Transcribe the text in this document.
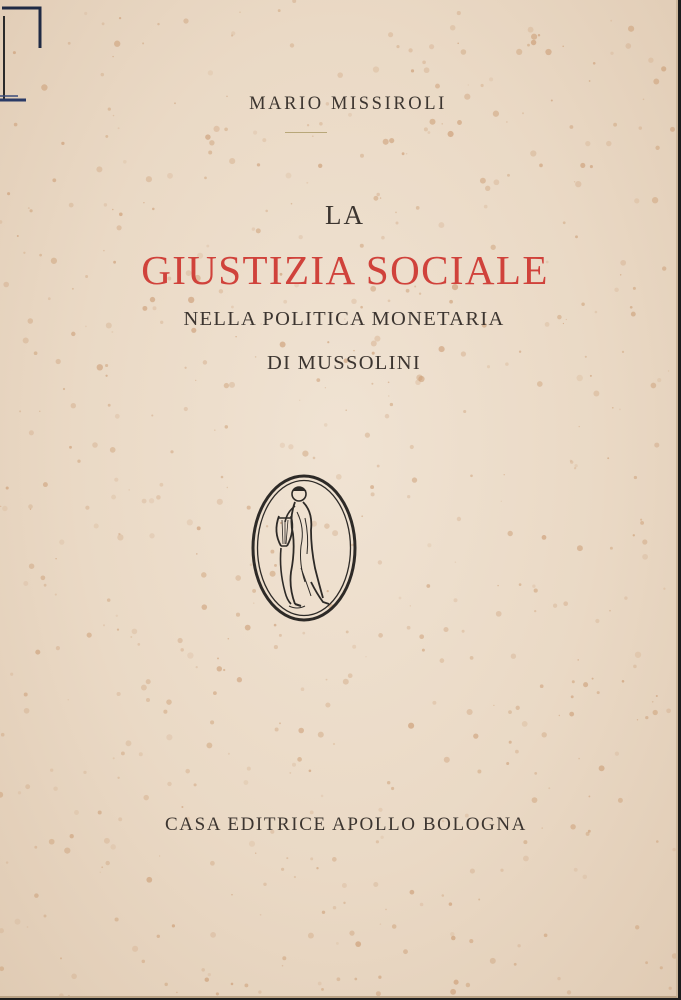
MARIO MISSIROLI
LA
GIUSTIZIA SOCIALE
NELLA POLITICA MONETARIA
DI MUSSOLINI
CASA EDITRICE APOLLO BOLOGNA
